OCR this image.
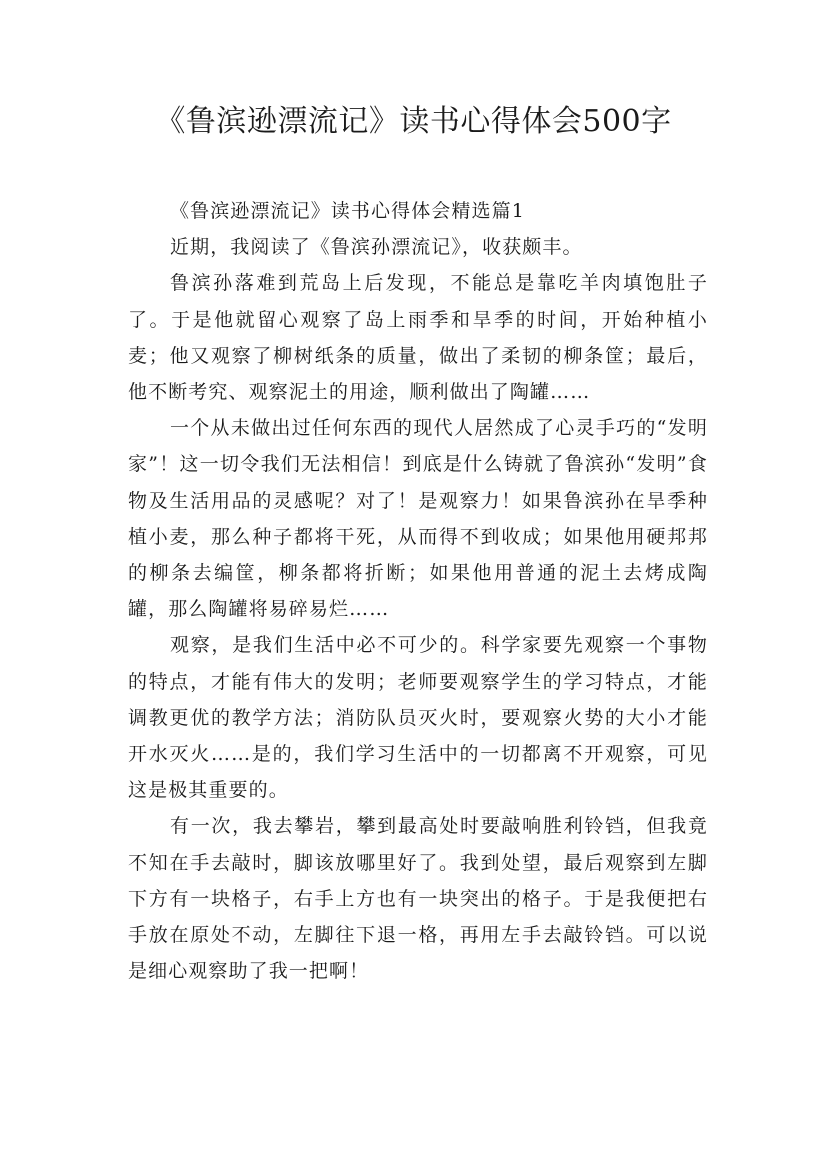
《鲁滨逊漂流记》读书心得体会500字

《鲁滨逊漂流记》读书心得体会精选篇1

近期，我阅读了《鲁滨孙漂流记》，收获颇丰。

鲁滨孙落难到荒岛上后发现，不能总是靠吃羊肉填饱肚子了。于是他就留心观察了岛上雨季和旱季的时间，开始种植小麦；他又观察了柳树纸条的质量，做出了柔韧的柳条筐；最后，他不断考究、观察泥土的用途，顺利做出了陶罐……

一个从未做出过任何东西的现代人居然成了心灵手巧的“发明家”！这一切令我们无法相信！到底是什么铸就了鲁滨孙“发明”食物及生活用品的灵感呢？对了！是观察力！如果鲁滨孙在旱季种植小麦，那么种子都将干死，从而得不到收成；如果他用硬邦邦的柳条去编筐，柳条都将折断；如果他用普通的泥土去烤成陶罐，那么陶罐将易碎易烂……

观察，是我们生活中必不可少的。科学家要先观察一个事物的特点，才能有伟大的发明；老师要观察学生的学习特点，才能调教更优的教学方法；消防队员灭火时，要观察火势的大小才能开水灭火……是的，我们学习生活中的一切都离不开观察，可见这是极其重要的。

有一次，我去攀岩，攀到最高处时要敲响胜利铃铛，但我竟不知在手去敲时，脚该放哪里好了。我到处望，最后观察到左脚下方有一块格子，右手上方也有一块突出的格子。于是我便把右手放在原处不动，左脚往下退一格，再用左手去敲铃铛。可以说是细心观察助了我一把啊！
